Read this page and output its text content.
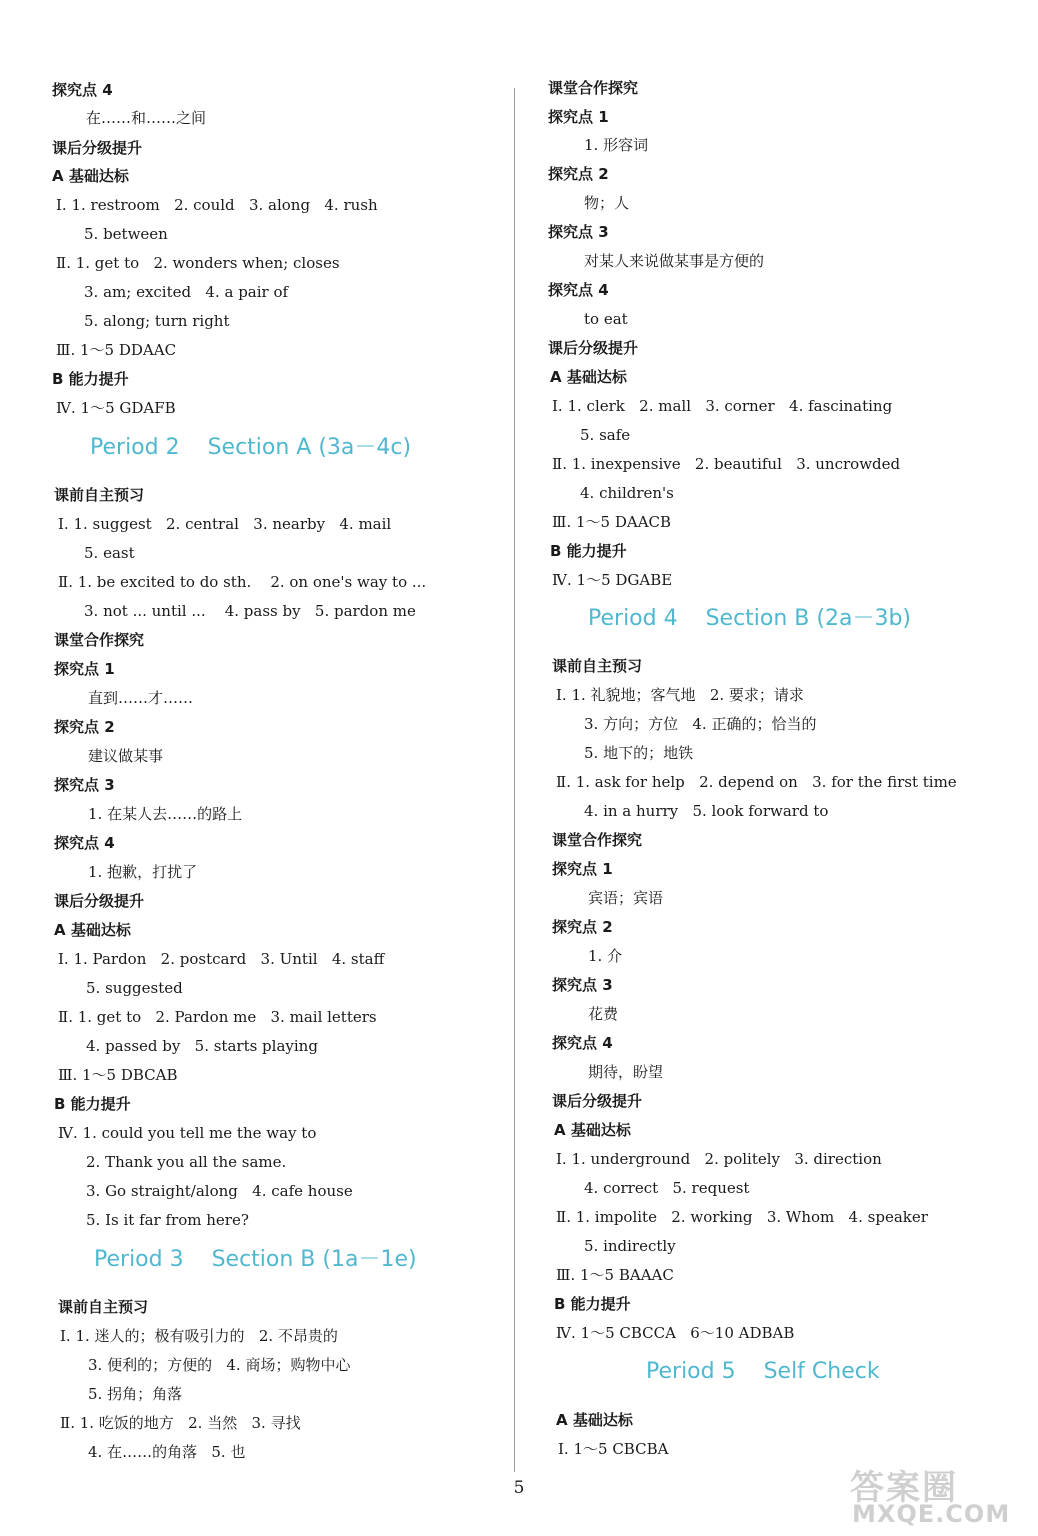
探究点 4
在……和……之间
课后分级提升
A 基础达标
Ⅰ. 1. restroom   2. could   3. along   4. rush
5. between
Ⅱ. 1. get to   2. wonders when; closes
3. am; excited   4. a pair of
5. along; turn right
Ⅲ. 1～5 DDAAC
B 能力提升
Ⅳ. 1～5 GDAFB
Period 2    Section A (3a－4c)
课前自主预习
Ⅰ. 1. suggest   2. central   3. nearby   4. mail
5. east
Ⅱ. 1. be excited to do sth.    2. on one's way to ...
3. not ... until ...    4. pass by   5. pardon me
课堂合作探究
探究点 1
直到……才……
探究点 2
建议做某事
探究点 3
1. 在某人去……的路上
探究点 4
1. 抱歉，打扰了
课后分级提升
A 基础达标
Ⅰ. 1. Pardon   2. postcard   3. Until   4. staff
5. suggested
Ⅱ. 1. get to   2. Pardon me   3. mail letters
4. passed by   5. starts playing
Ⅲ. 1～5 DBCAB
B 能力提升
Ⅳ. 1. could you tell me the way to
2. Thank you all the same.
3. Go straight/along   4. cafe house
5. Is it far from here?
Period 3    Section B (1a－1e)
课前自主预习
Ⅰ. 1. 迷人的；极有吸引力的   2. 不昂贵的
3. 便利的；方便的   4. 商场；购物中心
5. 拐角；角落
Ⅱ. 1. 吃饭的地方   2. 当然   3. 寻找
4. 在……的角落   5. 也
课堂合作探究
探究点 1
1. 形容词
探究点 2
物；人
探究点 3
对某人来说做某事是方便的
探究点 4
to eat
课后分级提升
A 基础达标
Ⅰ. 1. clerk   2. mall   3. corner   4. fascinating
5. safe
Ⅱ. 1. inexpensive   2. beautiful   3. uncrowded
4. children's
Ⅲ. 1～5 DAACB
B 能力提升
Ⅳ. 1～5 DGABE
Period 4    Section B (2a－3b)
课前自主预习
Ⅰ. 1. 礼貌地；客气地   2. 要求；请求
3. 方向；方位   4. 正确的；恰当的
5. 地下的；地铁
Ⅱ. 1. ask for help   2. depend on   3. for the first time
4. in a hurry   5. look forward to
课堂合作探究
探究点 1
宾语；宾语
探究点 2
1. 介
探究点 3
花费
探究点 4
期待，盼望
课后分级提升
A 基础达标
Ⅰ. 1. underground   2. politely   3. direction
4. correct   5. request
Ⅱ. 1. impolite   2. working   3. Whom   4. speaker
5. indirectly
Ⅲ. 1～5 BAAAC
B 能力提升
Ⅳ. 1～5 CBCCA   6～10 ADBAB
Period 5    Self Check
A 基础达标
Ⅰ. 1～5 CBCBA
5	答案圈
MXQE.COM
